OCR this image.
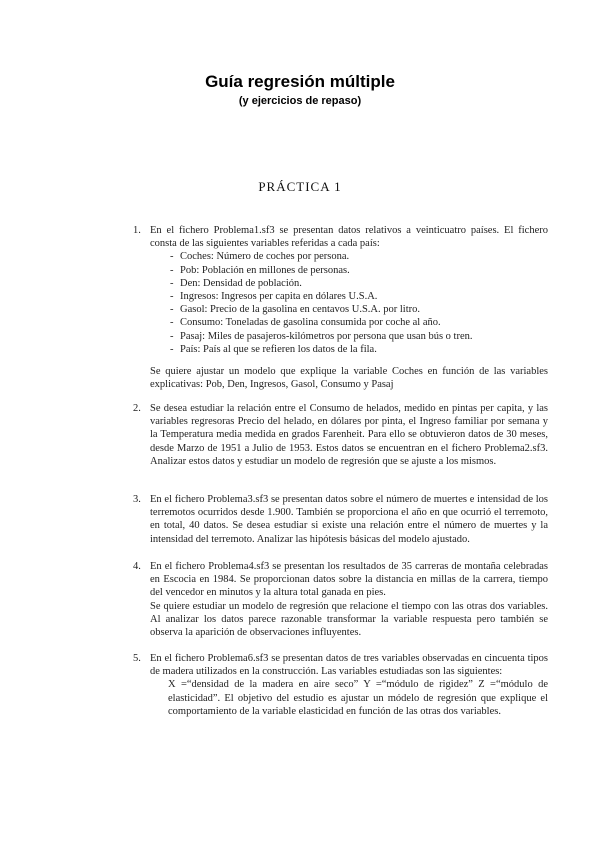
Guía regresión múltiple
(y ejercicios de repaso)
PRÁCTICA 1
1. En el fichero Problema1.sf3 se presentan datos relativos a veinticuatro países. El fichero consta de las siguientes variables referidas a cada país:

- Coches: Número de coches por persona.
- Pob: Población en millones de personas.
- Den: Densidad de población.
- Ingresos: Ingresos per capita en dólares U.S.A.
- Gasol: Precio de la gasolina en centavos U.S.A. por litro.
- Consumo: Toneladas de gasolina consumida por coche al año.
- Pasaj: Miles de pasajeros-kilómetros por persona que usan bús o tren.
- País: País al que se refieren los datos de la fila.

Se quiere ajustar un modelo que explique la variable Coches en función de las variables explicativas: Pob, Den, Ingresos, Gasol, Consumo y Pasaj

2. Se desea estudiar la relación entre el Consumo de helados, medido en pintas per capita, y las variables regresoras Precio del helado, en dólares por pinta, el Ingreso familiar por semana y la Temperatura media medida en grados Farenheit. Para ello se obtuvieron datos de 30 meses, desde Marzo de 1951 a Julio de 1953. Estos datos se encuentran en el fichero Problema2.sf3. Analizar estos datos y estudiar un modelo de regresión que se ajuste a los mismos.

3. En el fichero Problema3.sf3 se presentan datos sobre el número de muertes e intensidad de los terremotos ocurridos desde 1.900. También se proporciona el año en que ocurrió el terremoto, en total, 40 datos. Se desea estudiar si existe una relación entre el número de muertes y la intensidad del terremoto. Analizar las hipótesis básicas del modelo ajustado.

4. En el fichero Problema4.sf3 se presentan los resultados de 35 carreras de montaña celebradas en Escocia en 1984. Se proporcionan datos sobre la distancia en millas de la carrera, tiempo del vencedor en minutos y la altura total ganada en pies.

Se quiere estudiar un modelo de regresión que relacione el tiempo con las otras dos variables. Al analizar los datos parece razonable transformar la variable respuesta pero también se observa la aparición de observaciones influyentes.

5. En el fichero Problema6.sf3 se presentan datos de tres variables observadas en cincuenta tipos de madera utilizados en la construcción. Las variables estudiadas son las siguientes:

X =“densidad de la madera en aire seco” Y =“módulo de rigidez” Z =“módulo de elasticidad”. El objetivo del estudio es ajustar un módelo de regresión que explique el comportamiento de la variable elasticidad en función de las otras dos variables.
